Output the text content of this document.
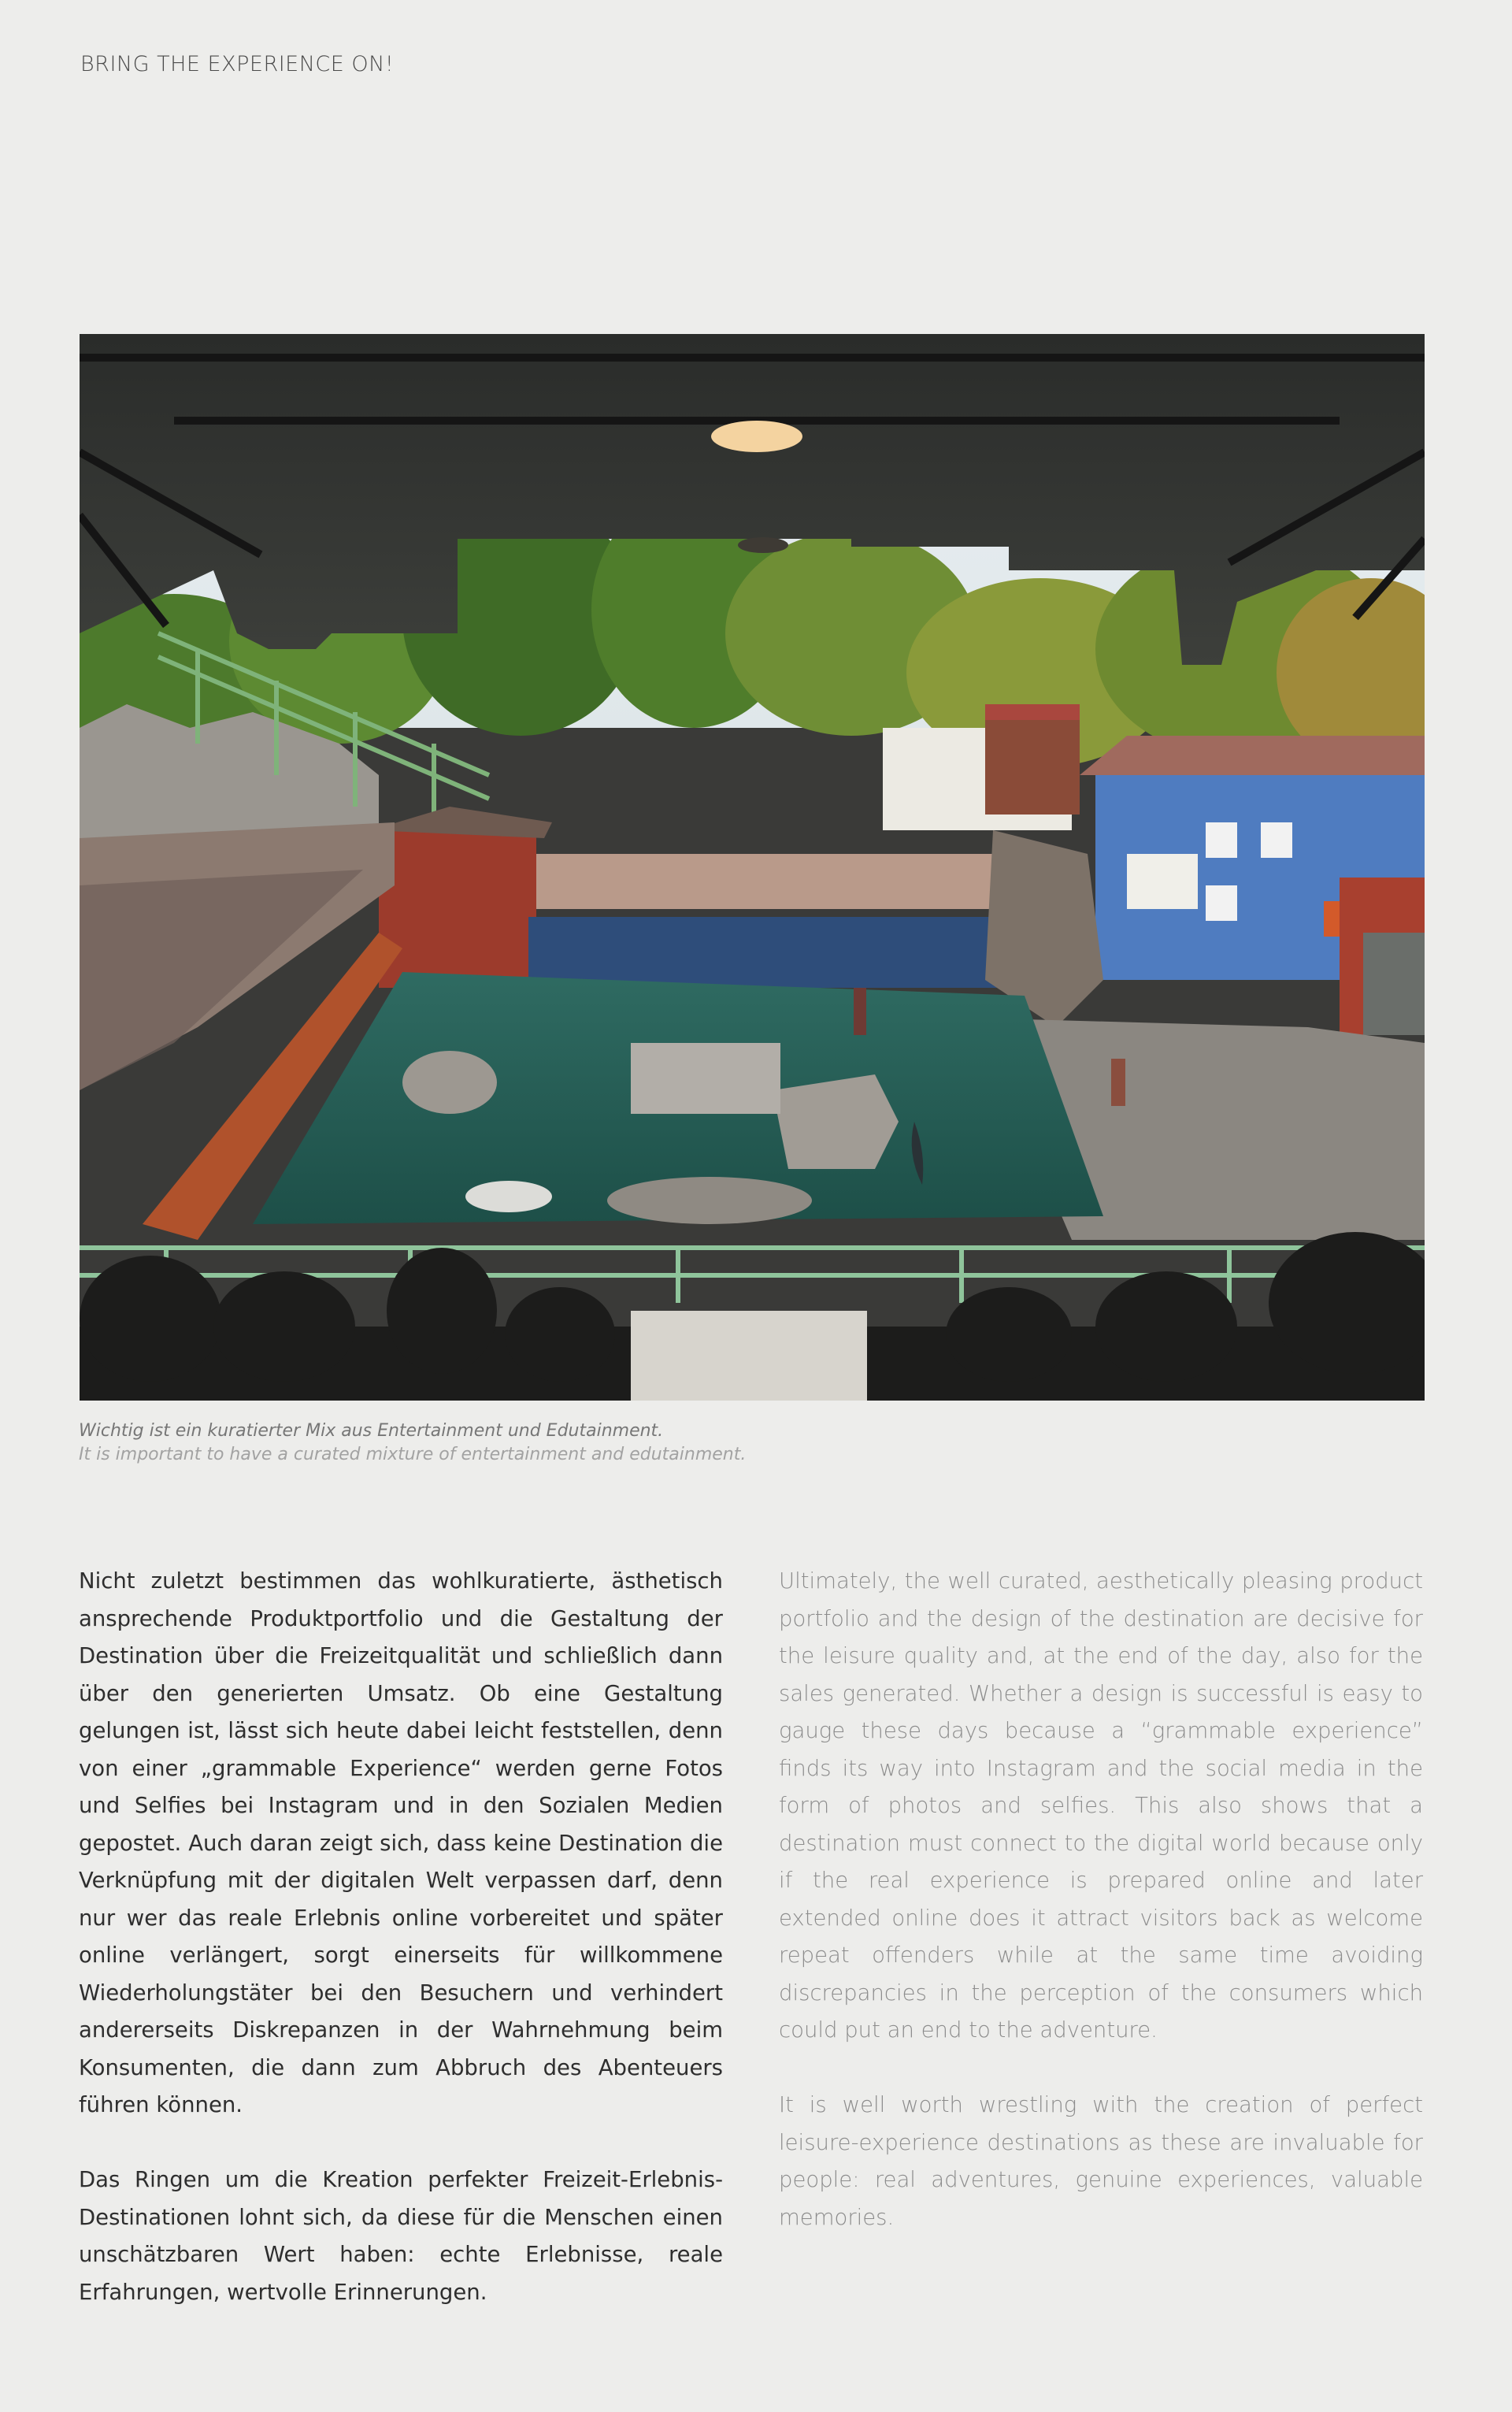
BRING THE EXPERIENCE ON!
Wichtig ist ein kuratierter Mix aus Entertainment und Edutainment.
It is important to have a curated mixture of entertainment and edutainment.

Nicht zuletzt bestimmen das wohlkuratierte, ästhetisch ansprechende Produktportfolio und die Gestaltung der Destination über die Freizeitqualität und schließlich dann über den generierten Umsatz. Ob eine Gestaltung gelungen ist, lässt sich heute dabei leicht feststellen, denn von einer „grammable Experience“ werden gerne Fotos und Selfies bei Instagram und in den Sozialen Medien gepostet. Auch daran zeigt sich, dass keine Destination die Verknüpfung mit der digitalen Welt verpassen darf, denn nur wer das reale Erlebnis online vorbereitet und später online verlängert, sorgt einerseits für willkommene Wiederholungstäter bei den Besuchern und verhindert andererseits Diskrepanzen in der Wahrnehmung beim Konsumenten, die dann zum Abbruch des Abenteuers führen können.

Das Ringen um die Kreation perfekter Freizeit-Erlebnis-Destinationen lohnt sich, da diese für die Menschen einen unschätzbaren Wert haben: echte Erlebnisse, reale Erfahrungen, wertvolle Erinnerungen.

Ultimately, the well curated, aesthetically pleasing product portfolio and the design of the destination are decisive for the leisure quality and, at the end of the day, also for the sales generated. Whether a design is successful is easy to gauge these days because a “grammable experience” finds its way into Instagram and the social media in the form of photos and selfies. This also shows that a destination must connect to the digital world because only if the real experience is prepared online and later extended online does it attract visitors back as welcome repeat offenders while at the same time avoiding discrepancies in the perception of the consumers which could put an end to the adventure.

It is well worth wrestling with the creation of perfect leisure-experience destinations as these are invaluable for people: real adventures, genuine experiences, valuable memories.
